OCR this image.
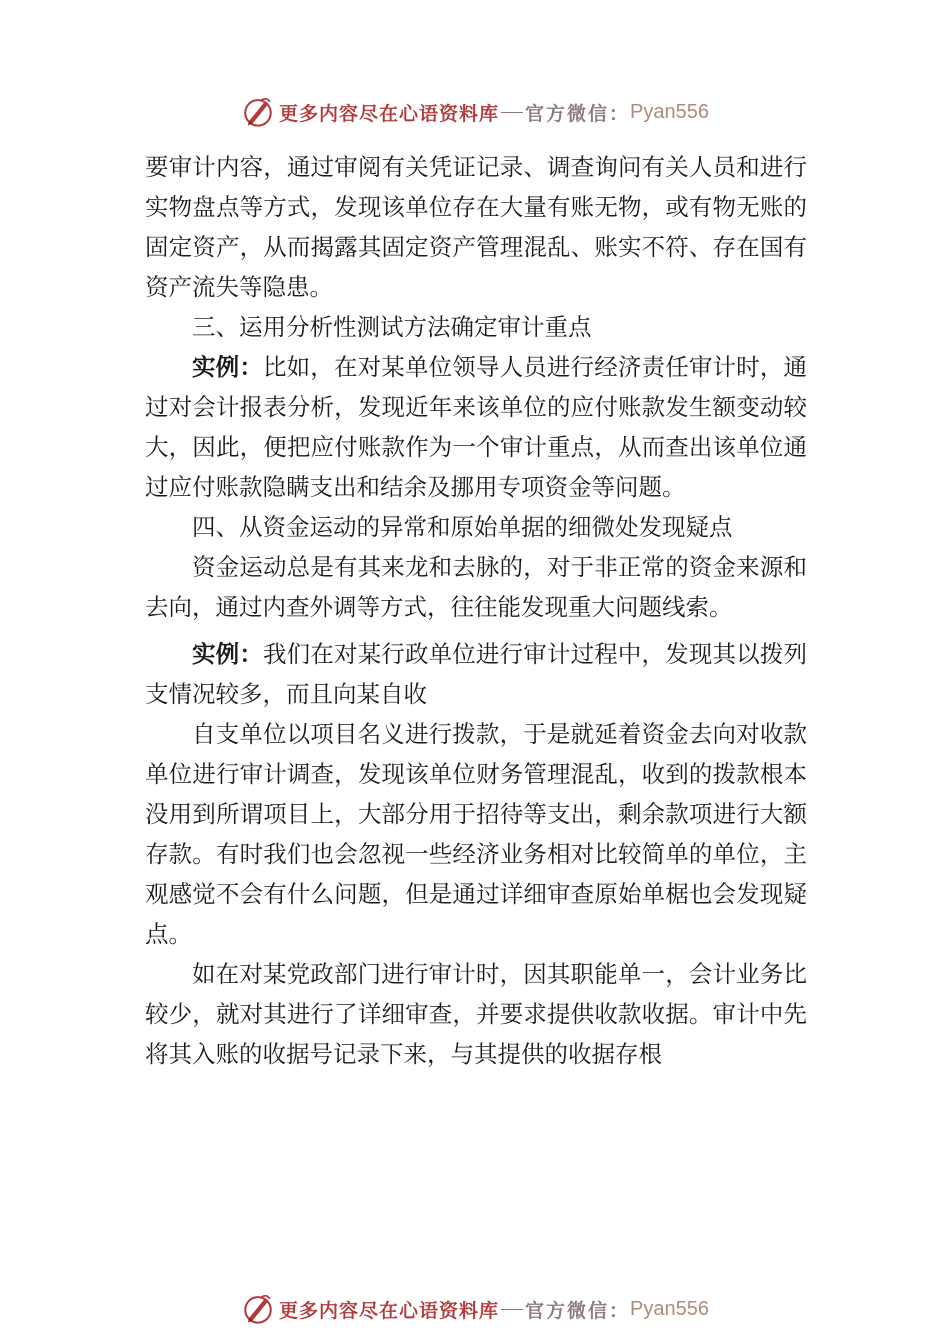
更多内容尽在心语资料库 官方微信： Pyan556

要审计内容，通过审阅有关凭证记录、调查询问有关人员和进行实物盘点等方式，发现该单位存在大量有账无物，或有物无账的固定资产，从而揭露其固定资产管理混乱、账实不符、存在国有资产流失等隐患。

三、运用分析性测试方法确定审计重点

实例：比如，在对某单位领导人员进行经济责任审计时，通过对会计报表分析，发现近年来该单位的应付账款发生额变动较大，因此，便把应付账款作为一个审计重点，从而查出该单位通过应付账款隐瞒支出和结余及挪用专项资金等问题。

四、从资金运动的异常和原始单据的细微处发现疑点

资金运动总是有其来龙和去脉的，对于非正常的资金来源和去向，通过内查外调等方式，往往能发现重大问题线索。

实例：我们在对某行政单位进行审计过程中，发现其以拨列支情况较多，而且向某自收

自支单位以项目名义进行拨款，于是就延着资金去向对收款单位进行审计调查，发现该单位财务管理混乱，收到的拨款根本没用到所谓项目上，大部分用于招待等支出，剩余款项进行大额存款。有时我们也会忽视一些经济业务相对比较简单的单位，主观感觉不会有什么问题，但是通过详细审查原始单椐也会发现疑点。

如在对某党政部门进行审计时，因其职能单一，会计业务比较少，就对其进行了详细审查，并要求提供收款收据。审计中先将其入账的收据号记录下来，与其提供的收据存根

更多内容尽在心语资料库 官方微信： Pyan556
